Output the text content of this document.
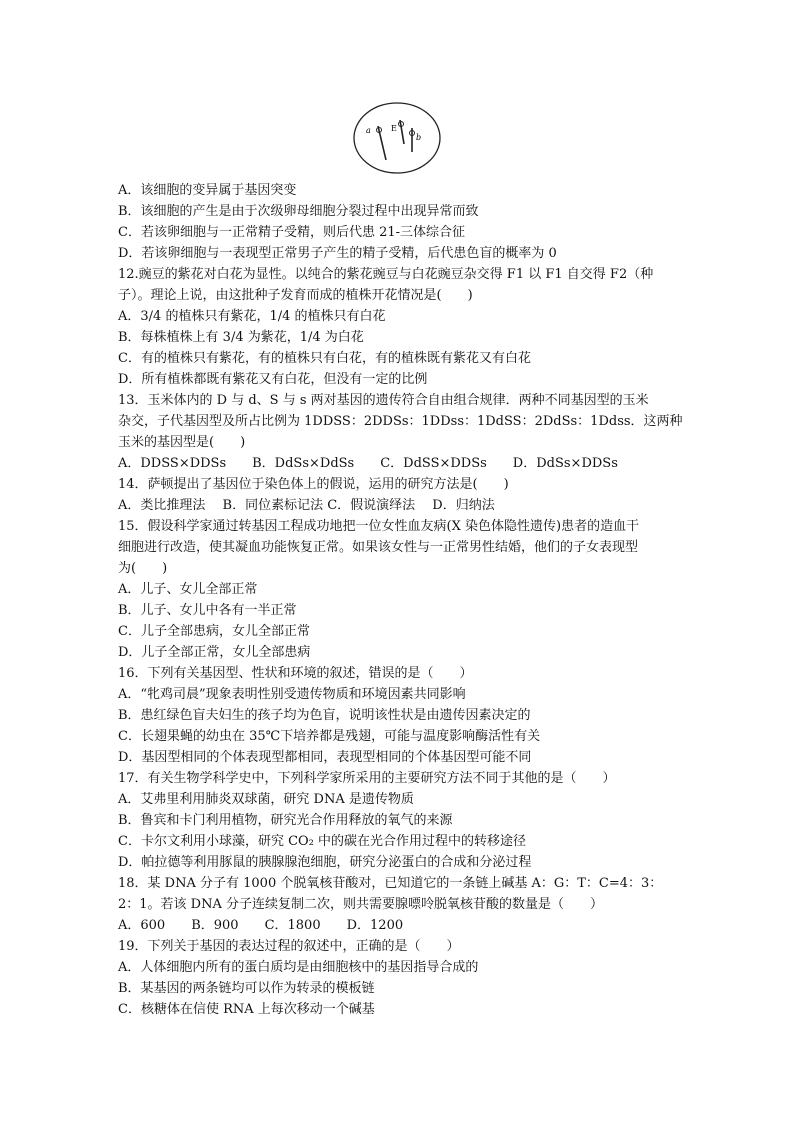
a	E
b
A．该细胞的变异属于基因突变
B．该细胞的产生是由于次级卵母细胞分裂过程中出现异常而致
C．若该卵细胞与一正常精子受精，则后代患 21-三体综合征
D．若该卵细胞与一表现型正常男子产生的精子受精，后代患色盲的概率为 0
12.豌豆的紫花对白花为显性。以纯合的紫花豌豆与白花豌豆杂交得 F1 以 F1 自交得 F2（种
子）。理论上说，由这批种子发育而成的植株开花情况是(　　)
A．3/4 的植株只有紫花，1/4 的植株只有白花
B．每株植株上有 3/4 为紫花，1/4 为白花
C．有的植株只有紫花，有的植株只有白花，有的植株既有紫花又有白花
D．所有植株都既有紫花又有白花，但没有一定的比例
13．玉米体内的 D 与 d、S 与 s 两对基因的遗传符合自由组合规律．两种不同基因型的玉米
杂交，子代基因型及所占比例为 1DDSS：2DDSs：1DDss：1DdSS：2DdSs：1Ddss．这两种
玉米的基因型是(　　)
A．DDSS×DDSs　　B．DdSs×DdSs　　C．DdSS×DDSs　　D．DdSs×DDSs
14．萨顿提出了基因位于染色体上的假说，运用的研究方法是(　　)
A．类比推理法　 B．同位素标记法 C．假说演绎法　 D．归纳法
15．假设科学家通过转基因工程成功地把一位女性血友病(X 染色体隐性遗传)患者的造血干
细胞进行改造，使其凝血功能恢复正常。如果该女性与一正常男性结婚，他们的子女表现型
为(　　)
A．儿子、女儿全部正常
B．儿子、女儿中各有一半正常
C．儿子全部患病，女儿全部正常
D．儿子全部正常，女儿全部患病
16．下列有关基因型、性状和环境的叙述，错误的是（　　）
A．“牝鸡司晨”现象表明性别受遗传物质和环境因素共同影响
B．患红绿色盲夫妇生的孩子均为色盲，说明该性状是由遗传因素决定的
C．长翅果蝇的幼虫在 35℃下培养都是残翅，可能与温度影响酶活性有关
D．基因型相同的个体表现型都相同，表现型相同的个体基因型可能不同
17．有关生物学科学史中，下列科学家所采用的主要研究方法不同于其他的是（　　）
A．艾弗里利用肺炎双球菌，研究 DNA 是遗传物质
B．鲁宾和卡门利用植物，研究光合作用释放的氧气的来源
C．卡尔文利用小球藻，研究 CO₂ 中的碳在光合作用过程中的转移途径
D．帕拉德等利用豚鼠的胰腺腺泡细胞，研究分泌蛋白的合成和分泌过程
18．某 DNA 分子有 1000 个脱氧核苷酸对，已知道它的一条链上碱基 A：G：T：C=4：3：
2：1。若该 DNA 分子连续复制二次，则共需要腺嘌呤脱氧核苷酸的数量是（　　）
A．600　　B．900　　C．1800　　D．1200
19．下列关于基因的表达过程的叙述中，正确的是（　　）
A．人体细胞内所有的蛋白质均是由细胞核中的基因指导合成的
B．某基因的两条链均可以作为转录的模板链
C．核糖体在信使 RNA 上每次移动一个碱基
